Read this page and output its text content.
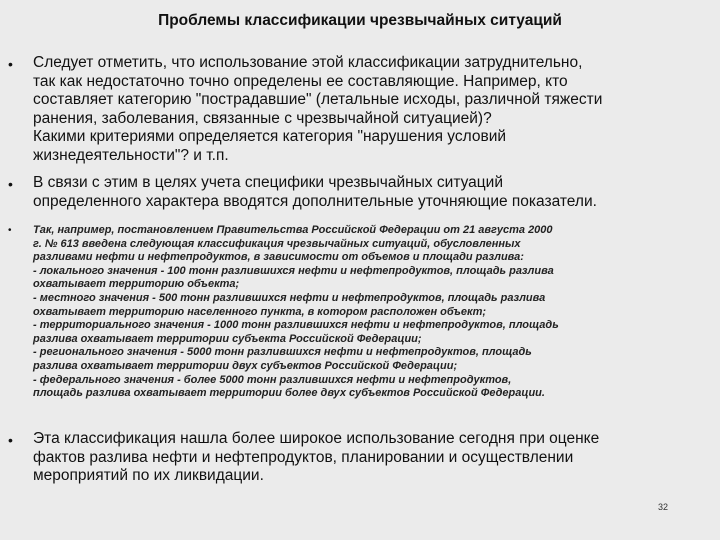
Проблемы классификации чрезвычайных ситуаций
• Следует отметить, что использование этой классификации затруднительно,
так как недостаточно точно определены ее составляющие. Например, кто
составляет категорию "пострадавшие" (летальные исходы, различной тяжести
ранения, заболевания, связанные с чрезвычайной ситуацией)?
Какими критериями определяется категория "нарушения условий
жизнедеятельности"? и т.п.
• В связи с этим в целях учета специфики чрезвычайных ситуаций
определенного характера вводятся дополнительные уточняющие показатели.
• Так, например, постановлением Правительства Российской Федерации от 21 августа 2000
г. № 613 введена следующая классификация чрезвычайных ситуаций, обусловленных
разливами нефти и нефтепродуктов, в зависимости от объемов и площади разлива:
- локального значения - 100 тонн разлившихся нефти и нефтепродуктов, площадь разлива
охватывает территорию объекта;
- местного значения - 500 тонн разлившихся нефти и нефтепродуктов, площадь разлива
охватывает территорию населенного пункта, в котором расположен объект;
- территориального значения - 1000 тонн разлившихся нефти и нефтепродуктов, площадь
разлива охватывает территории субъекта Российской Федерации;
- регионального значения - 5000 тонн разлившихся нефти и нефтепродуктов, площадь
разлива охватывает территории двух субъектов Российской Федерации;
- федерального значения - более 5000 тонн разлившихся нефти и нефтепродуктов,
площадь разлива охватывает территории более двух субъектов Российской Федерации.
• Эта классификация нашла более широкое использование сегодня при оценке
фактов разлива нефти и нефтепродуктов, планировании и осуществлении
мероприятий по их ликвидации.
32
